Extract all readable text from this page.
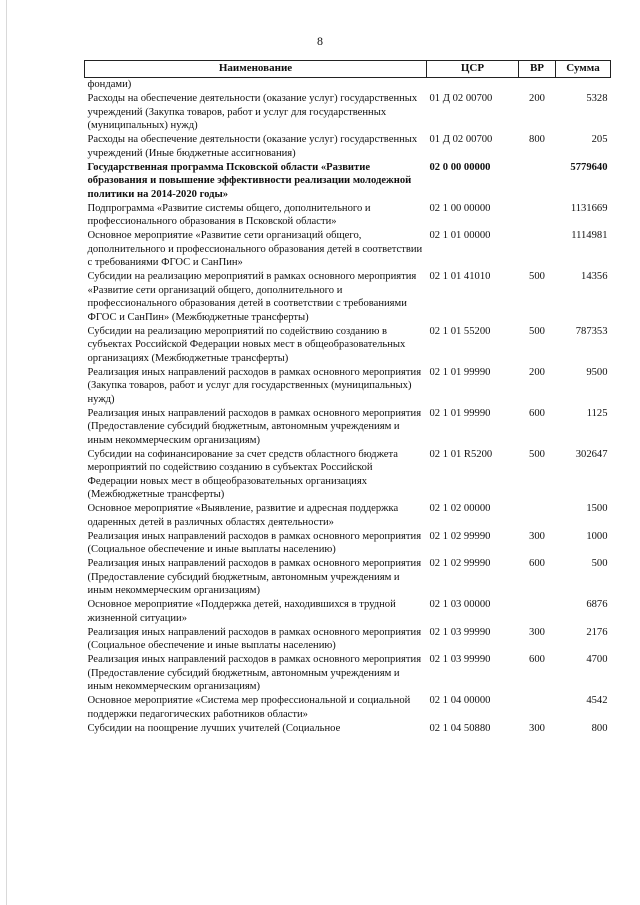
8
Наименование	ЦСР	ВР	Сумма
фондами)			
Расходы на обеспечение деятельности (оказание услуг) государственных учреждений (Закупка товаров, работ и услуг для государственных (муниципальных) нужд)	01 Д 02 00700	200	5328
Расходы на обеспечение деятельности (оказание услуг) государственных учреждений (Иные бюджетные ассигнования)	01 Д 02 00700	800	205
Государственная программа Псковской области «Развитие образования и повышение эффективности реализации молодежной политики на 2014-2020 годы»	02 0 00 00000		5779640
Подпрограмма «Развитие системы общего, дополнительного и профессионального образования в Псковской области»	02 1 00 00000		1131669
Основное мероприятие «Развитие сети организаций общего, дополнительного и профессионального образования детей в соответствии с требованиями ФГОС и СанПин»	02 1 01 00000		1114981
Субсидии на реализацию мероприятий в рамках основного мероприятия «Развитие сети организаций общего, дополнительного и профессионального образования детей в соответствии с требованиями ФГОС и СанПин» (Межбюджетные трансферты)	02 1 01 41010	500	14356
Субсидии на реализацию мероприятий по содействию созданию в субъектах Российской Федерации новых мест в общеобразовательных организациях (Межбюджетные трансферты)	02 1 01 55200	500	787353
Реализация иных направлений расходов в рамках основного мероприятия (Закупка товаров, работ и услуг для государственных (муниципальных) нужд)	02 1 01 99990	200	9500
Реализация иных направлений расходов в рамках основного мероприятия (Предоставление субсидий бюджетным, автономным учреждениям и иным некоммерческим организациям)	02 1 01 99990	600	1125
Субсидии на софинансирование за счет средств областного бюджета мероприятий по содействию созданию в субъектах Российской Федерации новых мест в общеобразовательных организациях (Межбюджетные трансферты)	02 1 01 R5200	500	302647
Основное мероприятие «Выявление, развитие и адресная поддержка одаренных детей в различных областях деятельности»	02 1 02 00000		1500
Реализация иных направлений расходов в рамках основного мероприятия (Социальное обеспечение и иные выплаты населению)	02 1 02 99990	300	1000
Реализация иных направлений расходов в рамках основного мероприятия (Предоставление субсидий бюджетным, автономным учреждениям и иным некоммерческим организациям)	02 1 02 99990	600	500
Основное мероприятие «Поддержка детей, находившихся в трудной жизненной ситуации»	02 1 03 00000		6876
Реализация иных направлений расходов в рамках основного мероприятия (Социальное обеспечение и иные выплаты населению)	02 1 03 99990	300	2176
Реализация иных направлений расходов в рамках основного мероприятия (Предоставление субсидий бюджетным, автономным учреждениям и иным некоммерческим организациям)	02 1 03 99990	600	4700
Основное мероприятие «Система мер профессиональной и социальной поддержки педагогических работников области»	02 1 04 00000		4542
Субсидии на поощрение лучших учителей (Социальное	02 1 04 50880	300	800
